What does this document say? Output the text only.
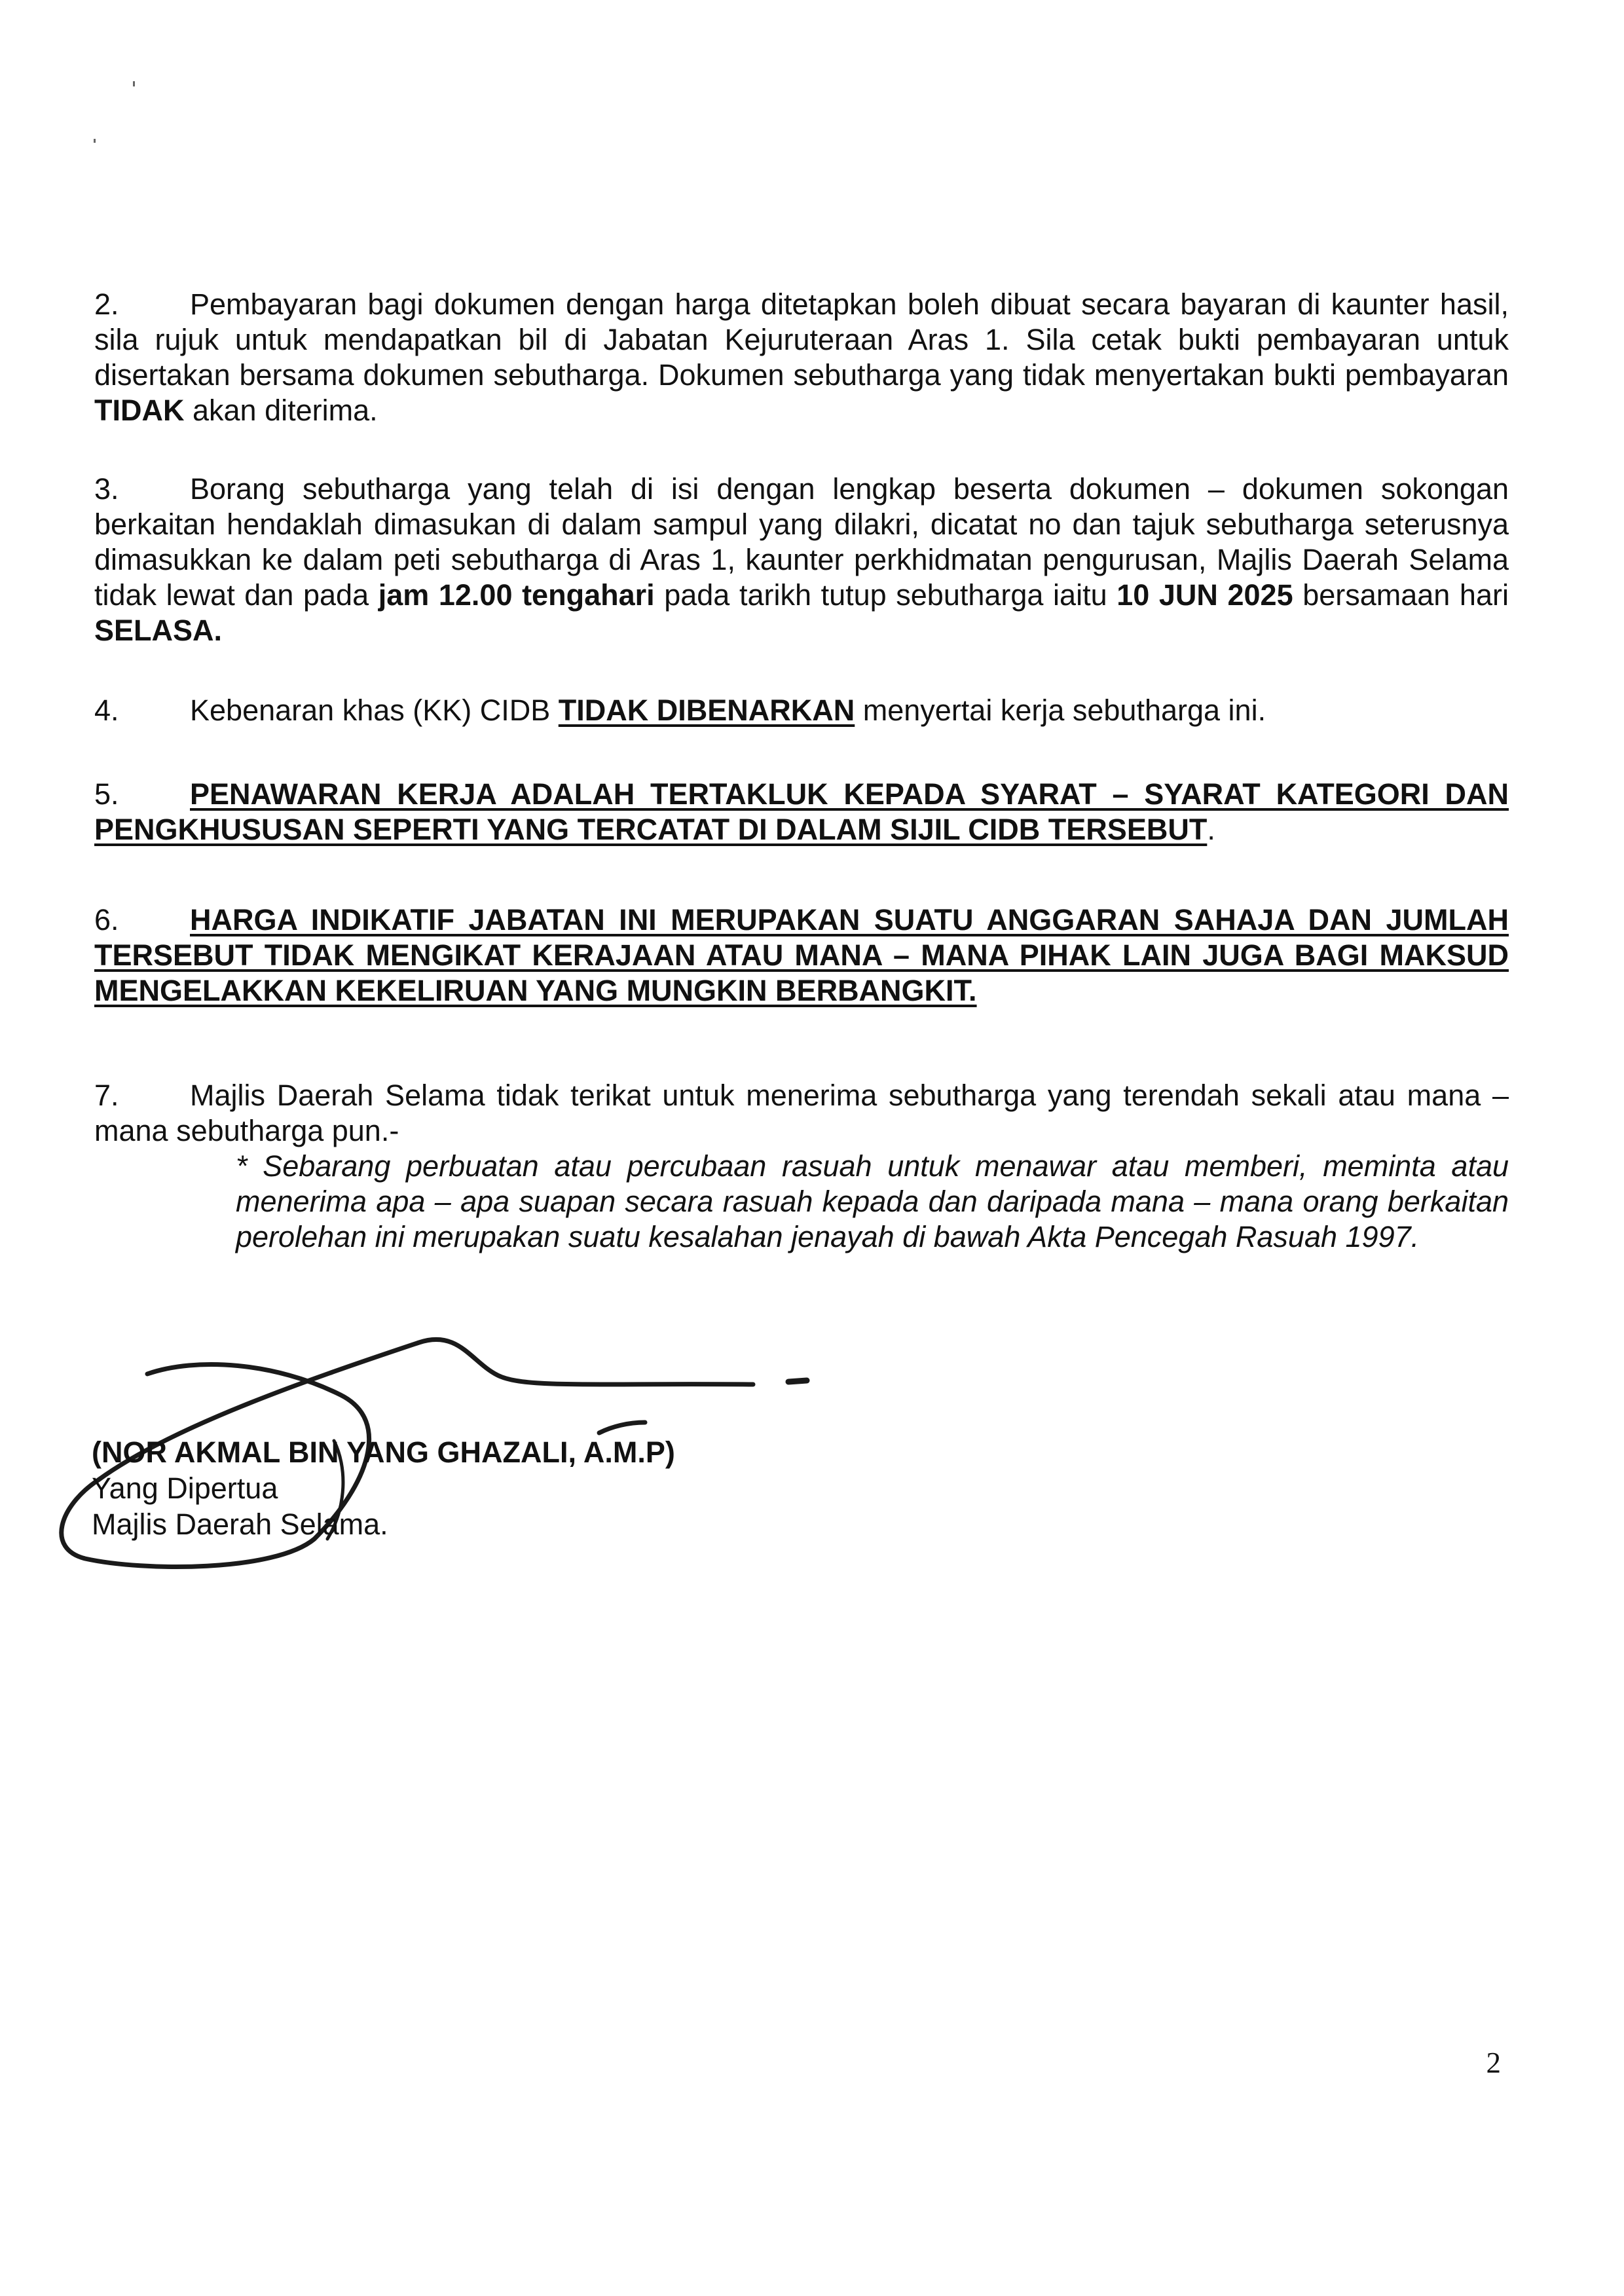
2. Pembayaran bagi dokumen dengan harga ditetapkan boleh dibuat secara bayaran di kaunter hasil, sila rujuk untuk mendapatkan bil di Jabatan Kejuruteraan Aras 1. Sila cetak bukti pembayaran untuk disertakan bersama dokumen sebutharga. Dokumen sebutharga yang tidak menyertakan bukti pembayaran TIDAK akan diterima.

3. Borang sebutharga yang telah di isi dengan lengkap beserta dokumen – dokumen sokongan berkaitan hendaklah dimasukan di dalam sampul yang dilakri, dicatat no dan tajuk sebutharga seterusnya dimasukkan ke dalam peti sebutharga di Aras 1, kaunter perkhidmatan pengurusan, Majlis Daerah Selama tidak lewat dan pada jam 12.00 tengahari pada tarikh tutup sebutharga iaitu 10 JUN 2025 bersamaan hari SELASA.

4. Kebenaran khas (KK) CIDB TIDAK DIBENARKAN menyertai kerja sebutharga ini.

5. PENAWARAN KERJA ADALAH TERTAKLUK KEPADA SYARAT – SYARAT KATEGORI DAN PENGKHUSUSAN SEPERTI YANG TERCATAT DI DALAM SIJIL CIDB TERSEBUT.

6. HARGA INDIKATIF JABATAN INI MERUPAKAN SUATU ANGGARAN SAHAJA DAN JUMLAH TERSEBUT TIDAK MENGIKAT KERAJAAN ATAU MANA – MANA PIHAK LAIN JUGA BAGI MAKSUD MENGELAKKAN KEKELIRUAN YANG MUNGKIN BERBANGKIT.

7. Majlis Daerah Selama tidak terikat untuk menerima sebutharga yang terendah sekali atau mana – mana sebutharga pun.-

* Sebarang perbuatan atau percubaan rasuah untuk menawar atau memberi, meminta atau menerima apa – apa suapan secara rasuah kepada dan daripada mana – mana orang berkaitan perolehan ini merupakan suatu kesalahan jenayah di bawah Akta Pencegah Rasuah 1997.

(NOR AKMAL BIN YANG GHAZALI, A.M.P)
Yang Dipertua
Majlis Daerah Selama.
2
